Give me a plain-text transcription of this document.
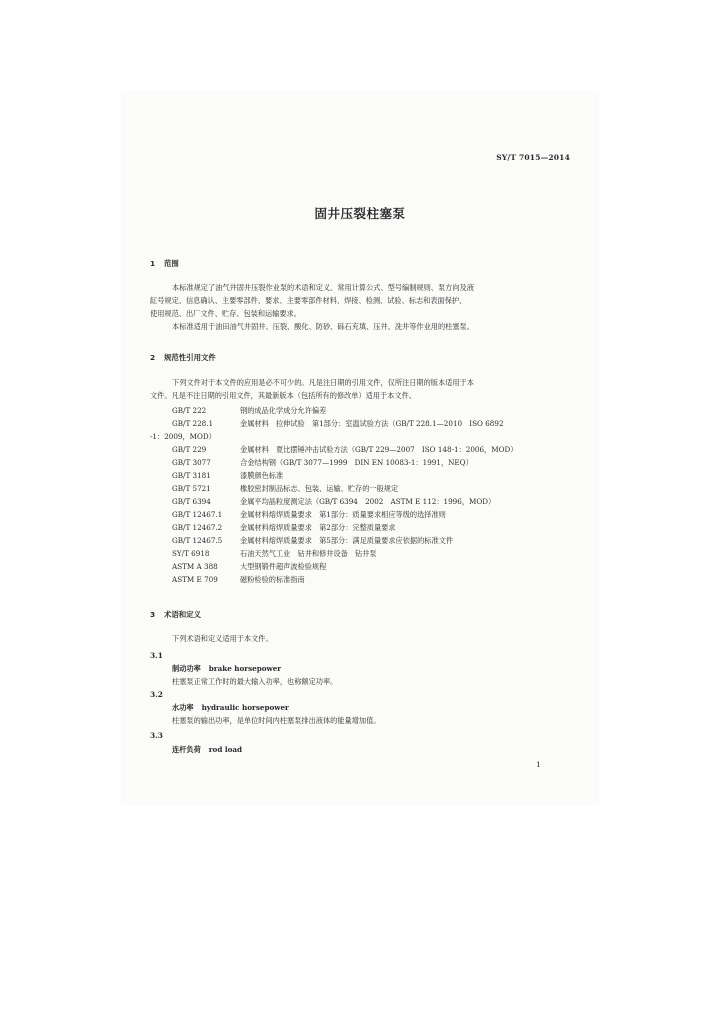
SY/T 7015—2014
固井压裂柱塞泵
1 范围
本标准规定了油气井固井压裂作业泵的术语和定义、常用计算公式、型号编制规则、泵方向及液
缸号规定、信息确认、主要零部件、要求、主要零部件材料、焊接、检测、试验、标志和表面保护、
使用规范、出厂文件、贮存、包装和运输要求。
本标准适用于油田油气井固井、压裂、酸化、防砂、砾石充填、压井、洗井等作业用的柱塞泵。
2 规范性引用文件
下列文件对于本文件的应用是必不可少的。凡是注日期的引用文件，仅所注日期的版本适用于本
文件。凡是不注日期的引用文件，其最新版本（包括所有的修改单）适用于本文件。
GB/T 222	钢的成品化学成分允许偏差
GB/T 228.1	金属材料　拉伸试验　第1部分：室温试验方法（GB/T 228.1—2010　ISO 6892
-1：2009，MOD）
GB/T 229	金属材料　夏比摆锤冲击试验方法（GB/T 229—2007　ISO 148-1：2006，MOD）
GB/T 3077	合金结构钢（GB/T 3077—1999　DIN EN 10083-1：1991，NEQ）
GB/T 3181	漆膜颜色标准
GB/T 5721	橡胶密封制品标志、包装、运输、贮存的一般规定
GB/T 6394	金属平均晶粒度测定法（GB/T 6394　2002　ASTM E 112：1996，MOD）
GB/T 12467.1 金属材料熔焊质量要求　第1部分：质量要求相应等级的选择准则
GB/T 12467.2 金属材料熔焊质量要求　第2部分：完整质量要求
GB/T 12467.5 金属材料熔焊质量要求　第5部分：满足质量要求应依据的标准文件
SY/T 6918	石油天然气工业　钻井和修井设备　钻井泵
ASTM A 388	大型钢锻件超声波检验规程
ASTM E 709	磁粉检验的标准指南
3 术语和定义
下列术语和定义适用于本文件。
3.1
制动功率 brake horsepower
柱塞泵正常工作时的最大输入功率，也称额定功率。
3.2
水功率 hydraulic horsepower
柱塞泵的输出功率，是单位时间内柱塞泵排出液体的能量增加值。
3.3
连杆负荷 rod load
1
